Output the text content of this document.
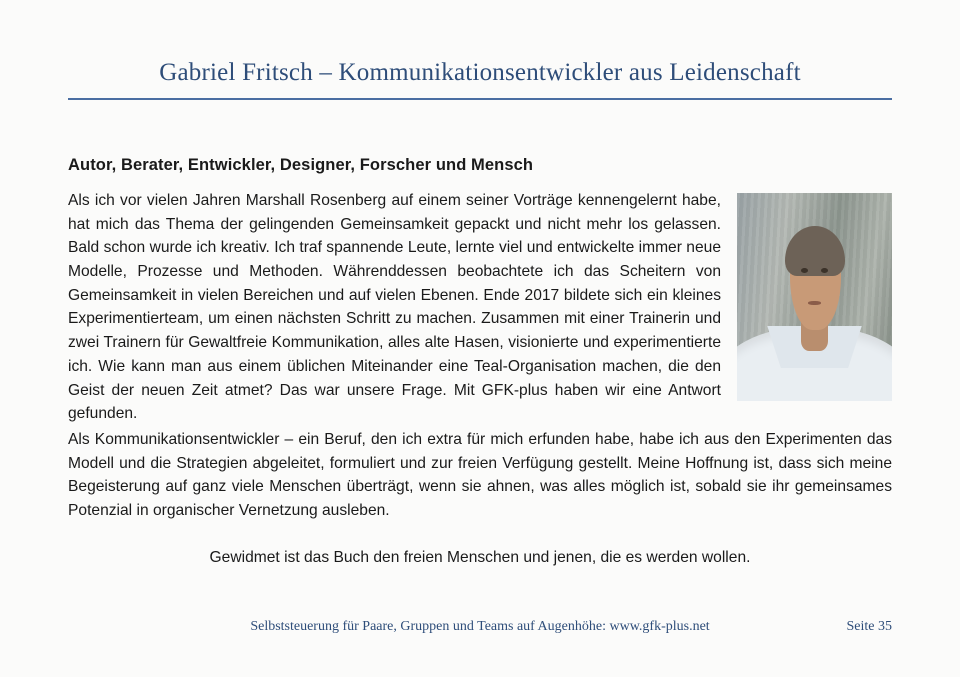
Gabriel Fritsch – Kommunikationsentwickler aus Leidenschaft
Autor, Berater, Entwickler, Designer, Forscher und Mensch

Als ich vor vielen Jahren Marshall Rosenberg auf einem seiner Vorträge kennengelernt habe, hat mich das Thema der gelingenden Gemeinsamkeit gepackt und nicht mehr los gelassen. Bald schon wurde ich kreativ. Ich traf spannende Leute, lernte viel und entwickelte immer neue Modelle, Prozesse und Methoden. Währenddessen beobachtete ich das Scheitern von Gemeinsamkeit in vielen Bereichen und auf vielen Ebenen. Ende 2017 bildete sich ein kleines Experimentierteam, um einen nächsten Schritt zu machen. Zusammen mit einer Trainerin und zwei Trainern für Gewaltfreie Kommunikation, alles alte Hasen, visionierte und experimentierte ich. Wie kann man aus einem üblichen Miteinander eine Teal-Organisation machen, die den Geist der neuen Zeit atmet? Das war unsere Frage. Mit GFK-plus haben wir eine Antwort gefunden.

Als Kommunikationsentwickler – ein Beruf, den ich extra für mich erfunden habe, habe ich aus den Experimenten das Modell und die Strategien abgeleitet, formuliert und zur freien Verfügung gestellt. Meine Hoffnung ist, dass sich meine Begeisterung auf ganz viele Menschen überträgt, wenn sie ahnen, was alles möglich ist, sobald sie ihr gemeinsames Potenzial in organischer Vernetzung ausleben.

Gewidmet ist das Buch den freien Menschen und jenen, die es werden wollen.
Selbststeuerung für Paare, Gruppen und Teams auf Augenhöhe: www.gfk-plus.net	Seite 35
